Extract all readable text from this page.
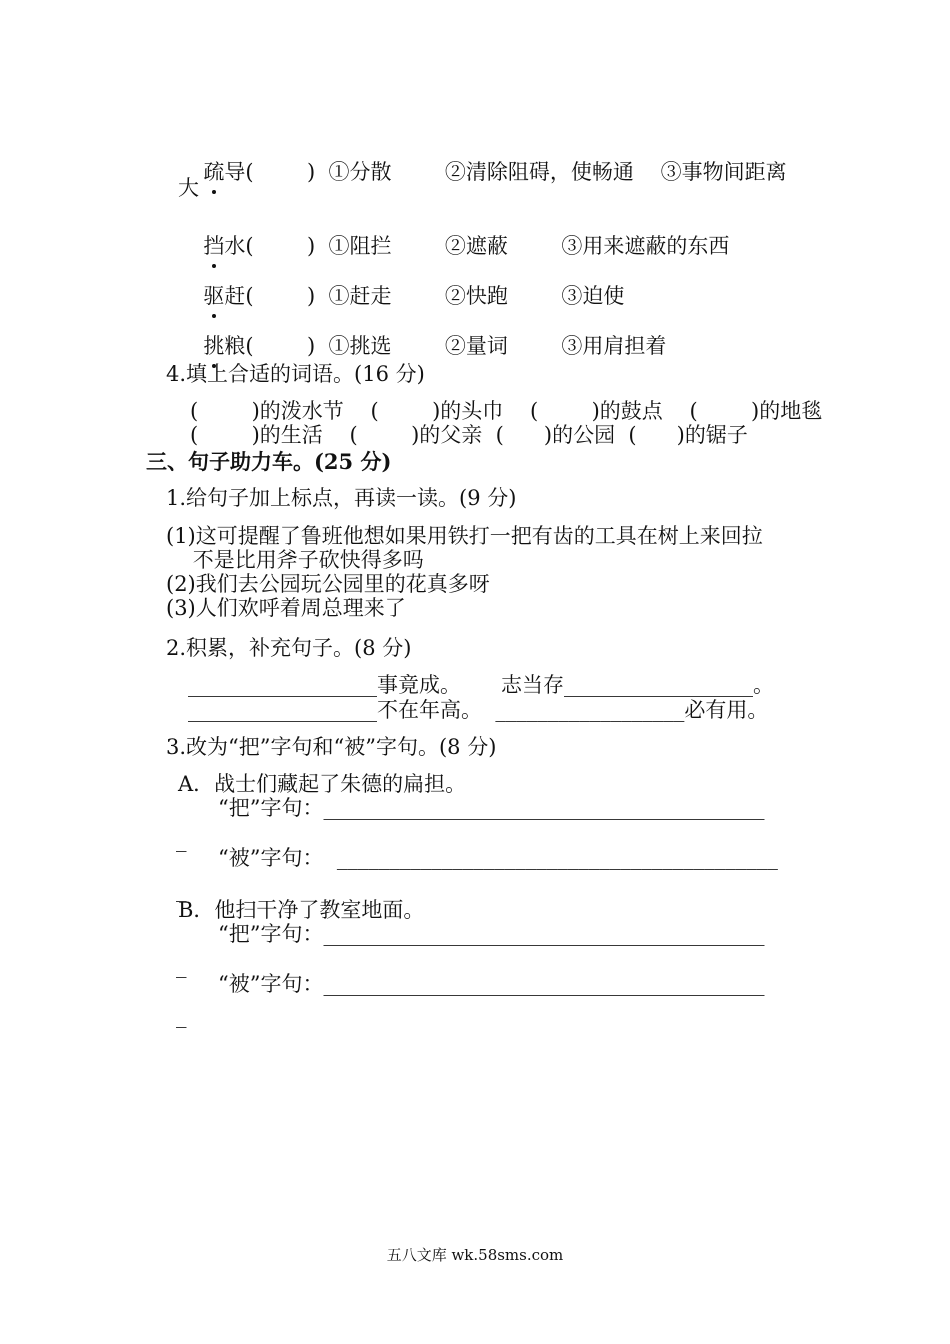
疏导
(        ) ①分散        ②清除阻碍，使畅通    ③事物间距离

大

挡水
(        ) ①阻拦        ②遮蔽        ③用来遮蔽的东西

驱赶
(        ) ①赶走        ②快跑        ③迫使

挑粮
(        ) ①挑选        ②量词        ③用肩担着

4.填上合适的词语。(16 分)
(        )的泼水节    (        )的头巾    (        )的鼓点    (        )的地毯
(        )的生活    (        )的父亲  (      )的公园  (      )的锯子
三、句子助力车。(25 分)
1.给句子加上标点，再读一读。(9 分)
(1)这可提醒了鲁班他想如果用铁打一把有齿的工具在树上来回拉
不是比用斧子砍快得多吗
(2)我们去公园玩公园里的花真多呀
(3)人们欢呼着周总理来了
2.积累，补充句子。(8 分)
__________________事竟成。      志当存__________________。
__________________不在年高。  __________________必有用。
3.改为“把”字句和“被”字句。(8 分)
A．战士们藏起了朱德的扁担。
“把”字句：__________________________________________
_
“被”字句： __________________________________________
_
B．他扫干净了教室地面。
“把”字句：__________________________________________
_
“被”字句：__________________________________________
_
五八文库 wk.58sms.com
